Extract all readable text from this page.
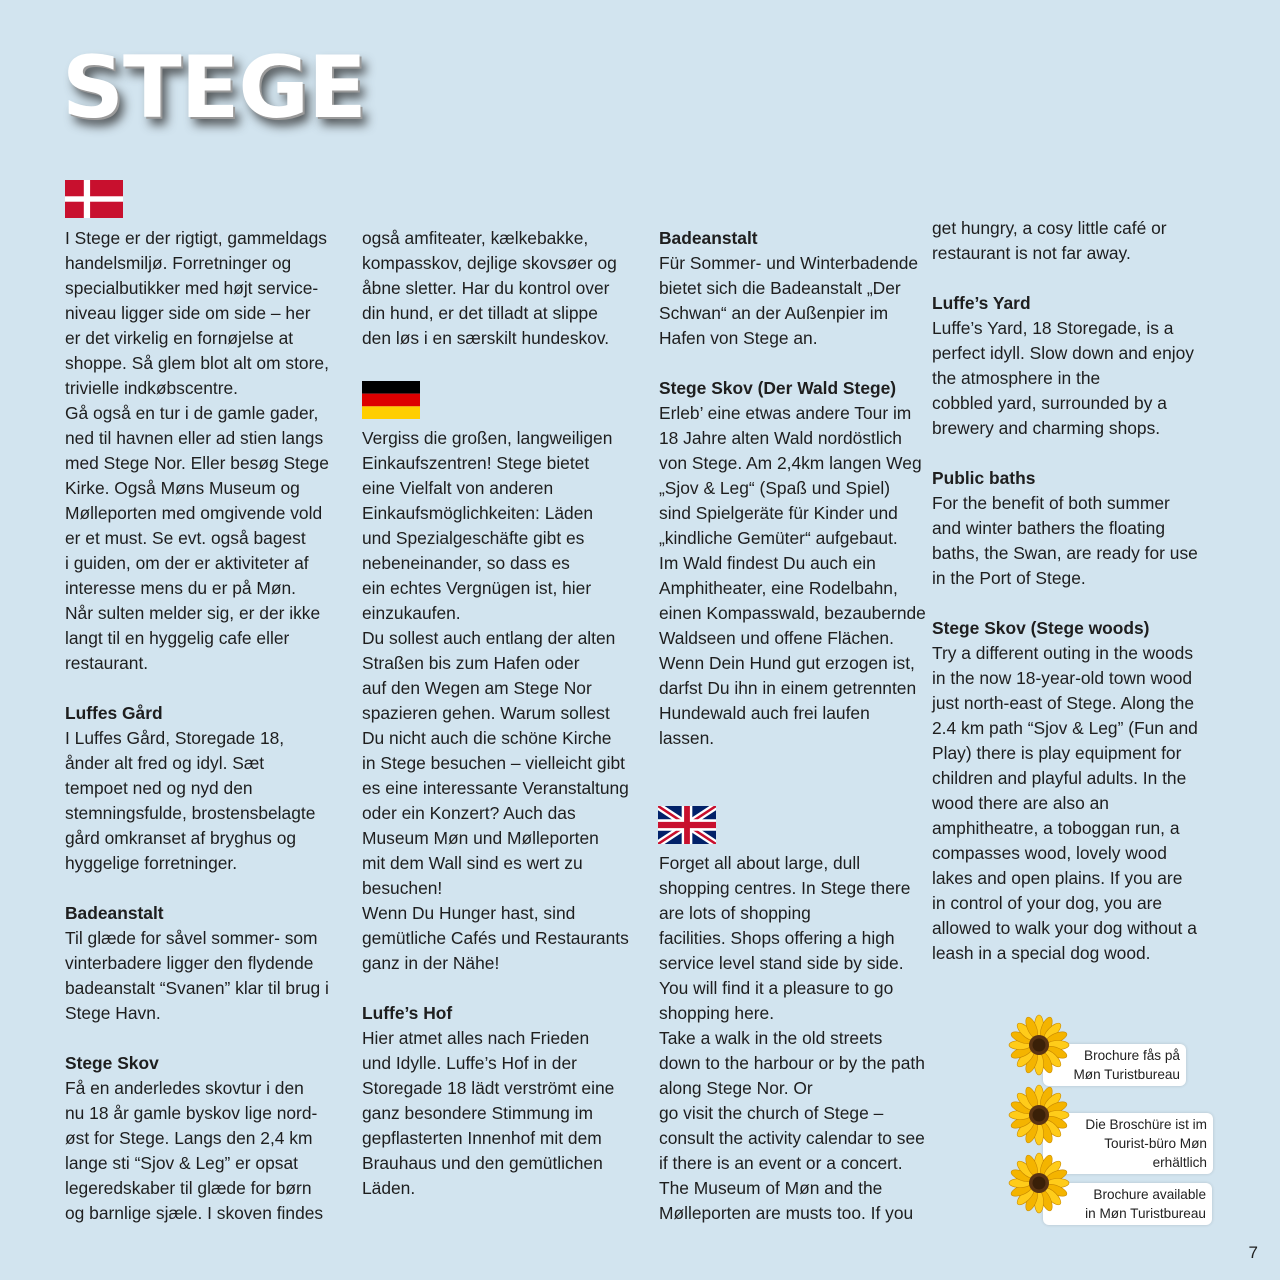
STEGE
I Stege er der rigtigt, gammeldags
handelsmiljø. Forretninger og
specialbutikker med højt service-
niveau ligger side om side – her
er det virkelig en fornøjelse at
shoppe. Så glem blot alt om store,
trivielle indkøbscentre.
Gå også en tur i de gamle gader,
ned til havnen eller ad stien langs
med Stege Nor. Eller besøg Stege
Kirke. Også Møns Museum og
Mølleporten med omgivende vold
er et must. Se evt. også bagest
i guiden, om der er aktiviteter af
interesse mens du er på Møn.
Når sulten melder sig, er der ikke
langt til en hyggelig cafe eller
restaurant.
Luffes Gård
I Luffes Gård, Storegade 18,
ånder alt fred og idyl. Sæt
tempoet ned og nyd den
stemningsfulde, brostensbelagte
gård omkranset af bryghus og
hyggelige forretninger.
Badeanstalt
Til glæde for såvel sommer- som
vinterbadere ligger den flydende
badeanstalt “Svanen” klar til brug i
Stege Havn.
Stege Skov
Få en anderledes skovtur i den
nu 18 år gamle byskov lige nord-
øst for Stege. Langs den 2,4 km
lange sti “Sjov & Leg” er opsat
legeredskaber til glæde for børn
og barnlige sjæle. I skoven findes
også amfiteater, kælkebakke,
kompasskov, dejlige skovsøer og
åbne sletter. Har du kontrol over
din hund, er det tilladt at slippe
den løs i en særskilt hundeskov.
Vergiss die großen, langweiligen
Einkaufszentren! Stege bietet
eine Vielfalt von anderen
Einkaufsmöglichkeiten: Läden
und Spezialgeschäfte gibt es
nebeneinander, so dass es
ein echtes Vergnügen ist, hier
einzukaufen.
Du sollest auch entlang der alten
Straßen bis zum Hafen oder
auf den Wegen am Stege Nor
spazieren gehen. Warum sollest
Du nicht auch die schöne Kirche
in Stege besuchen – vielleicht gibt
es eine interessante Veranstaltung
oder ein Konzert? Auch das
Museum Møn und Mølleporten
mit dem Wall sind es wert zu
besuchen!
Wenn Du Hunger hast, sind
gemütliche Cafés und Restaurants
ganz in der Nähe!
Luffe’s Hof
Hier atmet alles nach Frieden
und Idylle. Luffe’s Hof in der
Storegade 18 lädt verströmt eine
ganz besondere Stimmung im
gepflasterten Innenhof mit dem
Brauhaus und den gemütlichen
Läden.
Badeanstalt
Für Sommer- und Winterbadende
bietet sich die Badeanstalt „Der
Schwan“ an der Außenpier im
Hafen von Stege an.
Stege Skov (Der Wald Stege)
Erleb’ eine etwas andere Tour im
18 Jahre alten Wald nordöstlich
von Stege. Am 2,4km langen Weg
„Sjov & Leg“ (Spaß und Spiel)
sind Spielgeräte für Kinder und
„kindliche Gemüter“ aufgebaut.
Im Wald findest Du auch ein
Amphitheater, eine Rodelbahn,
einen Kompasswald, bezaubernde
Waldseen und offene Flächen.
Wenn Dein Hund gut erzogen ist,
darfst Du ihn in einem getrennten
Hundewald auch frei laufen
lassen.
Forget all about large, dull
shopping centres. In Stege there
are lots of shopping
facilities. Shops offering a high
service level stand side by side.
You will find it a pleasure to go
shopping here.
Take a walk in the old streets
down to the harbour or by the path
along Stege Nor. Or
go visit the church of Stege –
consult the activity calendar to see
if there is an event or a concert.
The Museum of Møn and the
Mølleporten are musts too. If you
get hungry, a cosy little café or
restaurant is not far away.
Luffe’s Yard
Luffe’s Yard, 18 Storegade, is a
perfect idyll. Slow down and enjoy
the atmosphere in the
cobbled yard, surrounded by a
brewery and charming shops.
Public baths
For the benefit of both summer
and winter bathers the floating
baths, the Swan, are ready for use
in the Port of Stege.
Stege Skov (Stege woods)
Try a different outing in the woods
in the now 18-year-old town wood
just north-east of Stege. Along the
2.4 km path “Sjov & Leg” (Fun and
Play) there is play equipment for
children and playful adults. In the
wood there are also an
amphitheatre, a toboggan run, a
compasses wood, lovely wood
lakes and open plains. If you are
in control of your dog, you are
allowed to walk your dog without a
leash in a special dog wood.
Brochure fås på
Møn Turistbureau
Die Broschüre ist im
Tourist-büro Møn erhältlich
Brochure available
in Møn Turistbureau
7
